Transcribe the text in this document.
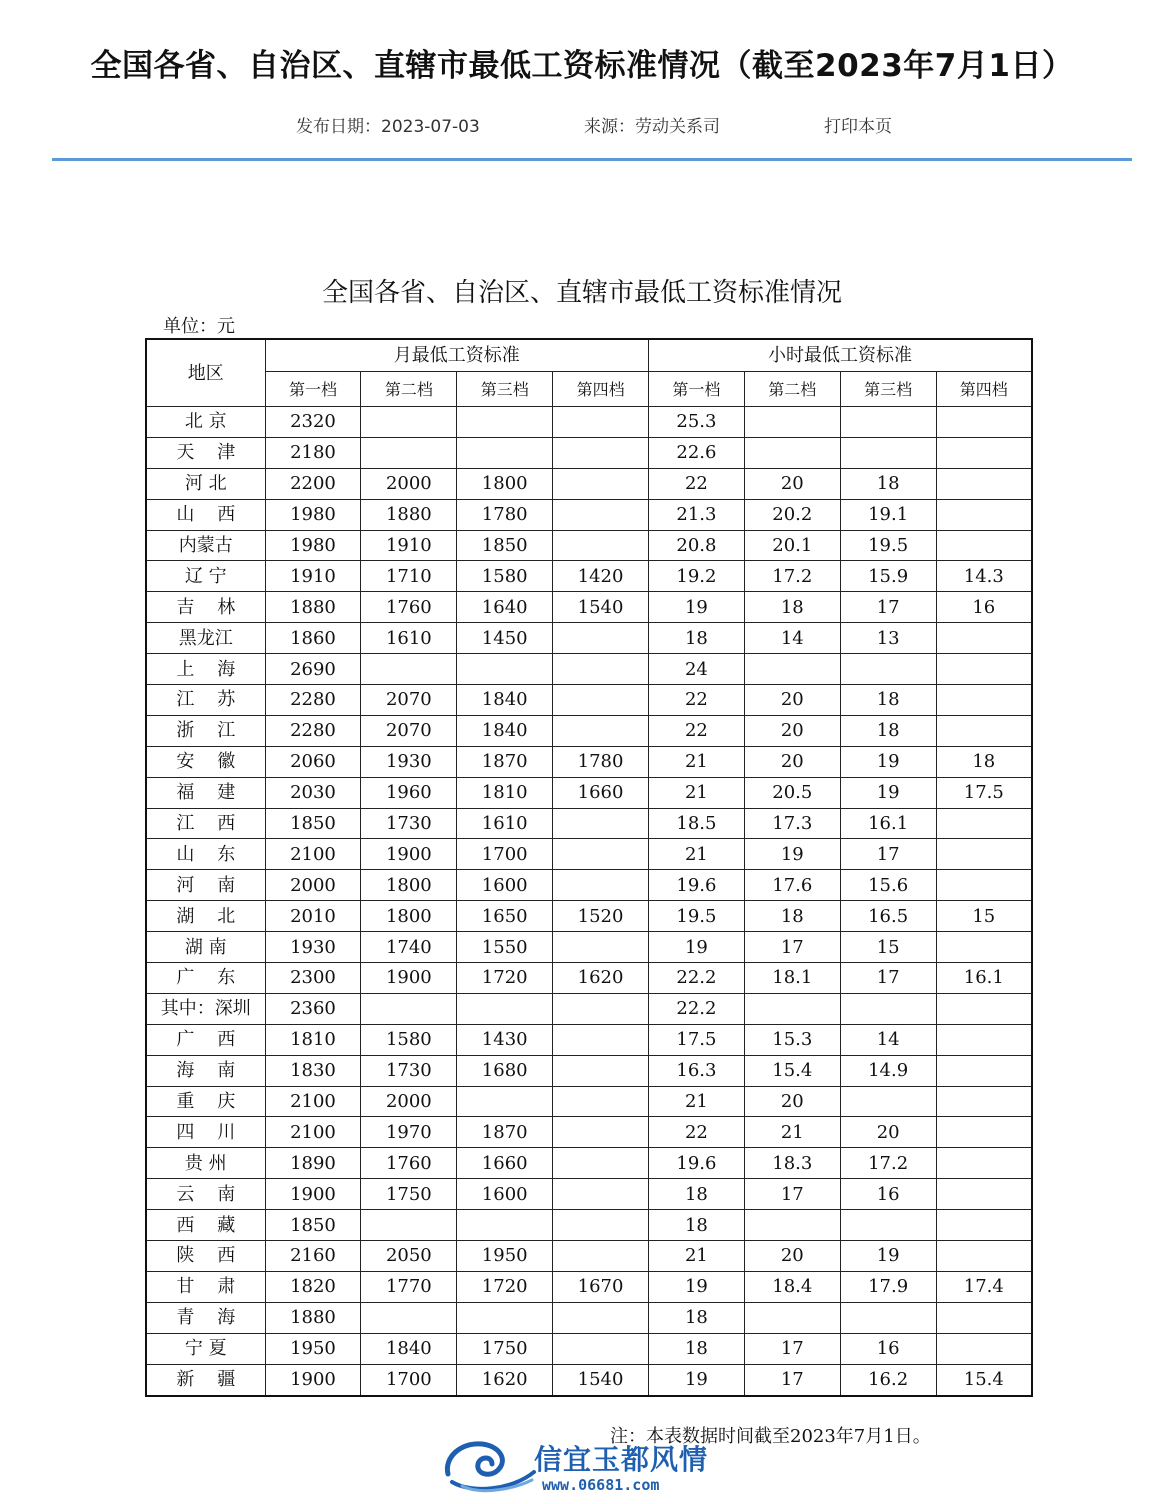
全国各省、自治区、直辖市最低工资标准情况（截至2023年7月1日）
发布日期：2023-07-03	来源：劳动关系司	打印本页
全国各省、自治区、直辖市最低工资标准情况
单位：元
地区	月最低工资标准				小时最低工资标准			
	第一档	第二档	第三档	第四档	第一档	第二档	第三档	第四档
北 京	2320				25.3			
天    津	2180				22.6			
河 北	2200	2000	1800		22	20	18	
山    西	1980	1880	1780		21.3	20.2	19.1	
内蒙古	1980	1910	1850		20.8	20.1	19.5	
辽 宁	1910	1710	1580	1420	19.2	17.2	15.9	14.3
吉    林	1880	1760	1640	1540	19	18	17	16
黑龙江	1860	1610	1450		18	14	13	
上    海	2690				24			
江    苏	2280	2070	1840		22	20	18	
浙    江	2280	2070	1840		22	20	18	
安    徽	2060	1930	1870	1780	21	20	19	18
福    建	2030	1960	1810	1660	21	20.5	19	17.5
江    西	1850	1730	1610		18.5	17.3	16.1	
山    东	2100	1900	1700		21	19	17	
河    南	2000	1800	1600		19.6	17.6	15.6	
湖    北	2010	1800	1650	1520	19.5	18	16.5	15
湖 南	1930	1740	1550		19	17	15	
广    东	2300	1900	1720	1620	22.2	18.1	17	16.1
其中：深圳	2360				22.2			
广    西	1810	1580	1430		17.5	15.3	14	
海    南	1830	1730	1680		16.3	15.4	14.9	
重    庆	2100	2000			21	20		
四    川	2100	1970	1870		22	21	20	
贵 州	1890	1760	1660		19.6	18.3	17.2	
云    南	1900	1750	1600		18	17	16	
西    藏	1850				18			
陕    西	2160	2050	1950		21	20	19	
甘    肃	1820	1770	1720	1670	19	18.4	17.9	17.4
青    海	1880				18			
宁 夏	1950	1840	1750		18	17	16	
新    疆	1900	1700	1620	1540	19	17	16.2	15.4
注：本表数据时间截至2023年7月1日。
信宜玉都风情
www.06681.com
